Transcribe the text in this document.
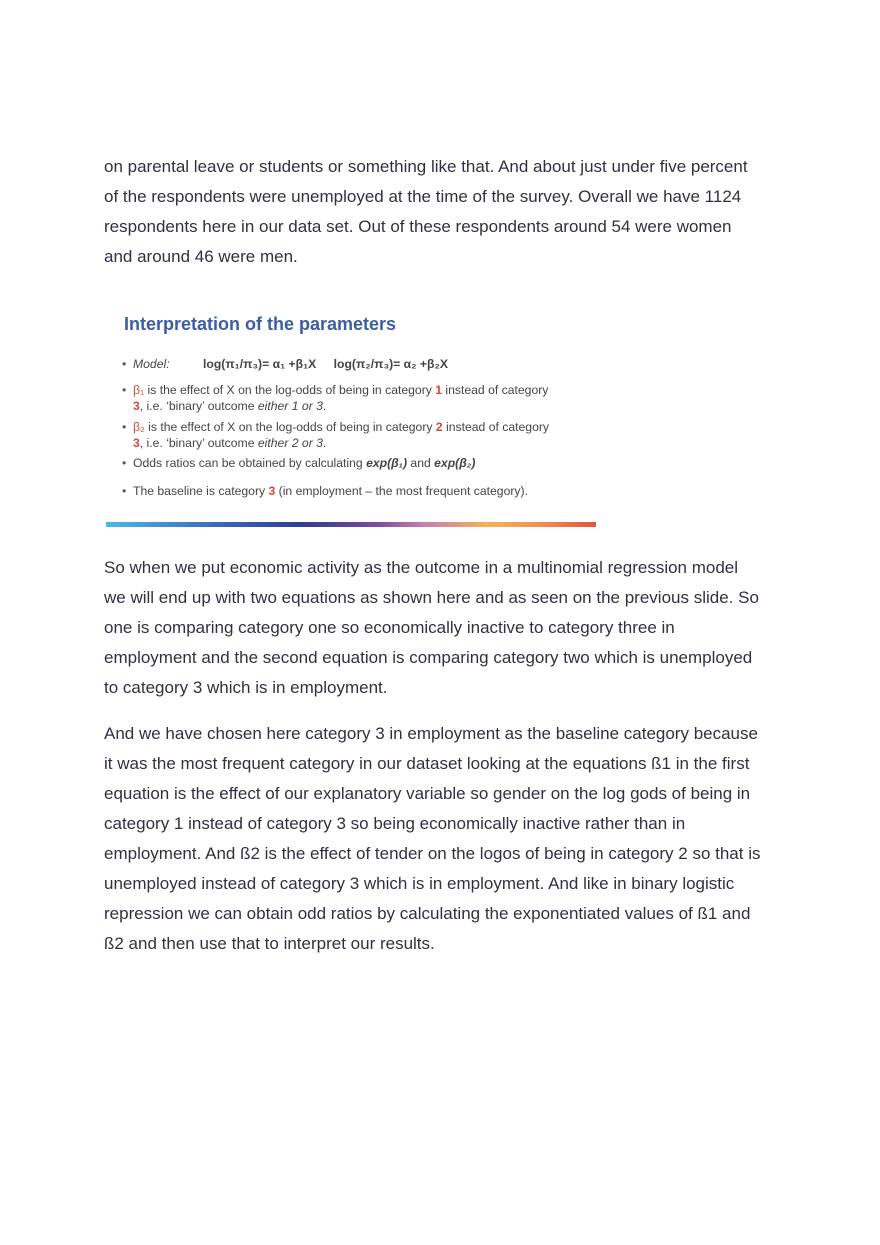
on parental leave or students or something like that. And about just under five percent
of the respondents were unemployed at the time of the survey. Overall we have 1124
respondents here in our data set. Out of these respondents around 54 were women
and around 46 were men.
Interpretation of the parameters
• Model:	log(π₁/π₃)= α₁ +β₁X log(π₂/π₃)= α₂ +β₂X
• β₁ is the effect of X on the log-odds of being in category 1 instead of category
3, i.e. ‘binary’ outcome either 1 or 3.
• β₂ is the effect of X on the log-odds of being in category 2 instead of category
3, i.e. ‘binary’ outcome either 2 or 3.
• Odds ratios can be obtained by calculating exp(β₁) and exp(β₂)
• The baseline is category 3 (in employment – the most frequent category).
So when we put economic activity as the outcome in a multinomial regression model
we will end up with two equations as shown here and as seen on the previous slide. So
one is comparing category one so economically inactive to category three in
employment and the second equation is comparing category two which is unemployed
to category 3 which is in employment.
And we have chosen here category 3 in employment as the baseline category because
it was the most frequent category in our dataset looking at the equations ß1 in the first
equation is the effect of our explanatory variable so gender on the log gods of being in
category 1 instead of category 3 so being economically inactive rather than in
employment. And ß2 is the effect of tender on the logos of being in category 2 so that is
unemployed instead of category 3 which is in employment. And like in binary logistic
repression we can obtain odd ratios by calculating the exponentiated values of ß1 and
ß2 and then use that to interpret our results.
